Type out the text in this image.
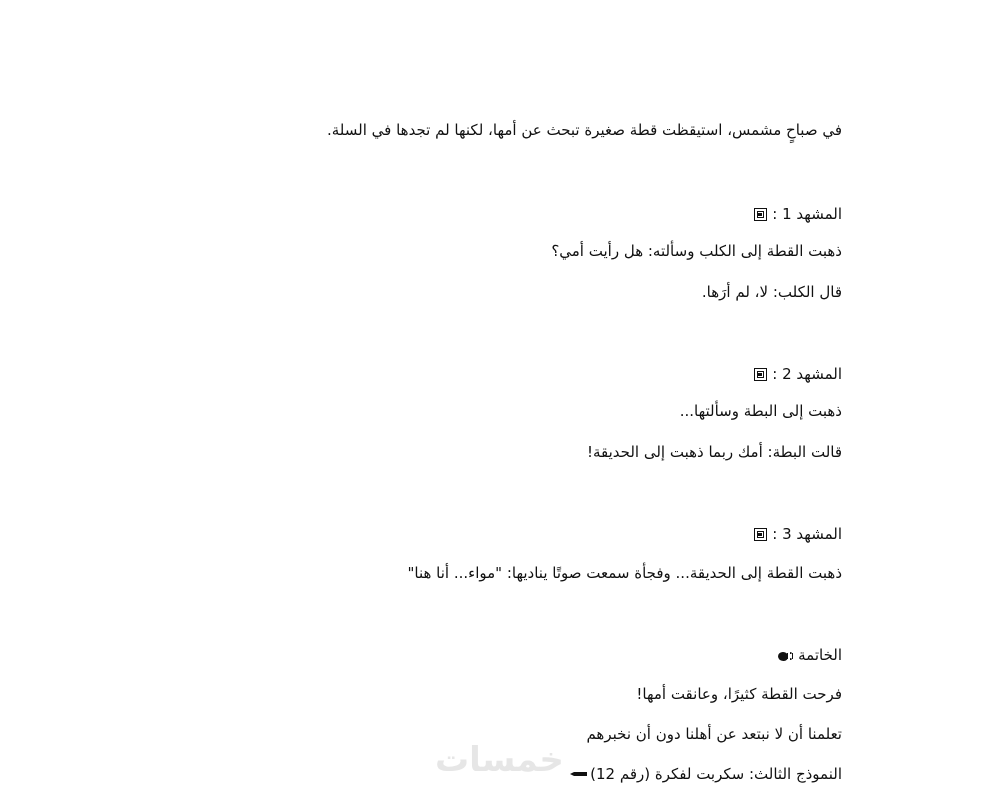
في صباحٍ مشمس، استيقظت قطة صغيرة تبحث عن أمها، لكنها لم تجدها في السلة.
المشهد 1 :
ذهبت القطة إلى الكلب وسألته: هل رأيت أمي؟
قال الكلب: لا، لم أرَها.
المشهد 2 :
ذهبت إلى البطة وسألتها...
قالت البطة: أمك ربما ذهبت إلى الحديقة!
المشهد 3 :
ذهبت القطة إلى الحديقة... وفجأة سمعت صوتًا يناديها: "مواء... أنا هنا"
الخاتمة :
فرحت القطة كثيرًا، وعانقت أمها!
تعلمنا أن لا نبتعد عن أهلنا دون أن نخبرهم
خمسات	النموذج الثالث: سكربت لفكرة (رقم 12)
